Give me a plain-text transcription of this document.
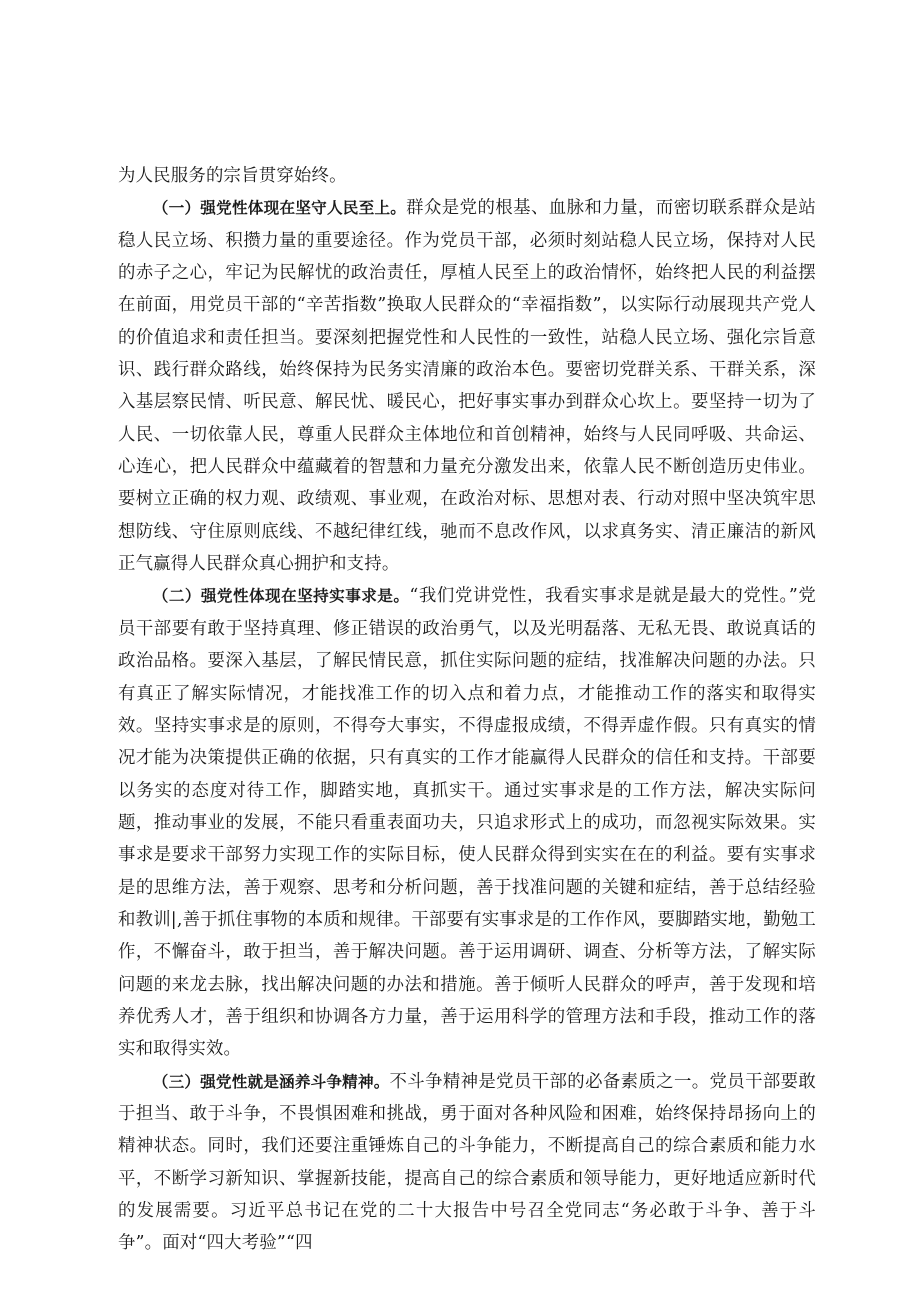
为人民服务的宗旨贯穿始终。

（一）强党性体现在坚守人民至上。群众是党的根基、血脉和力量，而密切联系群众是站稳人民立场、积攒力量的重要途径。作为党员干部，必须时刻站稳人民立场，保持对人民的赤子之心，牢记为民解忧的政治责任，厚植人民至上的政治情怀，始终把人民的利益摆在前面，用党员干部的“辛苦指数”换取人民群众的“幸福指数”，以实际行动展现共产党人的价值追求和责任担当。要深刻把握党性和人民性的一致性，站稳人民立场、强化宗旨意识、践行群众路线，始终保持为民务实清廉的政治本色。要密切党群关系、干群关系，深入基层察民情、听民意、解民忧、暖民心，把好事实事办到群众心坎上。要坚持一切为了人民、一切依靠人民，尊重人民群众主体地位和首创精神，始终与人民同呼吸、共命运、心连心，把人民群众中蕴藏着的智慧和力量充分激发出来，依靠人民不断创造历史伟业。要树立正确的权力观、政绩观、事业观，在政治对标、思想对表、行动对照中坚决筑牢思想防线、守住原则底线、不越纪律红线，驰而不息改作风，以求真务实、清正廉洁的新风正气赢得人民群众真心拥护和支持。

（二）强党性体现在坚持实事求是。“我们党讲党性，我看实事求是就是最大的党性。”党员干部要有敢于坚持真理、修正错误的政治勇气，以及光明磊落、无私无畏、敢说真话的政治品格。要深入基层，了解民情民意，抓住实际问题的症结，找准解决问题的办法。只有真正了解实际情况，才能找准工作的切入点和着力点，才能推动工作的落实和取得实效。坚持实事求是的原则，不得夸大事实，不得虚报成绩，不得弄虚作假。只有真实的情况才能为决策提供正确的依据，只有真实的工作才能赢得人民群众的信任和支持。干部要以务实的态度对待工作，脚踏实地，真抓实干。通过实事求是的工作方法，解决实际问题，推动事业的发展，不能只看重表面功夫，只追求形式上的成功，而忽视实际效果。实事求是要求干部努力实现工作的实际目标，使人民群众得到实实在在的利益。要有实事求是的思维方法，善于观察、思考和分析问题，善于找准问题的关键和症结，善于总结经验和教训|,善于抓住事物的本质和规律。干部要有实事求是的工作作风，要脚踏实地，勤勉工作，不懈奋斗，敢于担当，善于解决问题。善于运用调研、调查、分析等方法，了解实际问题的来龙去脉，找出解决问题的办法和措施。善于倾听人民群众的呼声，善于发现和培养优秀人才，善于组织和协调各方力量，善于运用科学的管理方法和手段，推动工作的落实和取得实效。

（三）强党性就是涵养斗争精神。不斗争精神是党员干部的必备素质之一。党员干部要敢于担当、敢于斗争，不畏惧困难和挑战，勇于面对各种风险和困难，始终保持昂扬向上的精神状态。同时，我们还要注重锤炼自己的斗争能力，不断提高自己的综合素质和能力水平，不断学习新知识、掌握新技能，提高自己的综合素质和领导能力，更好地适应新时代的发展需要。习近平总书记在党的二十大报告中号召全党同志“务必敢于斗争、善于斗争”。面对“四大考验”“四
